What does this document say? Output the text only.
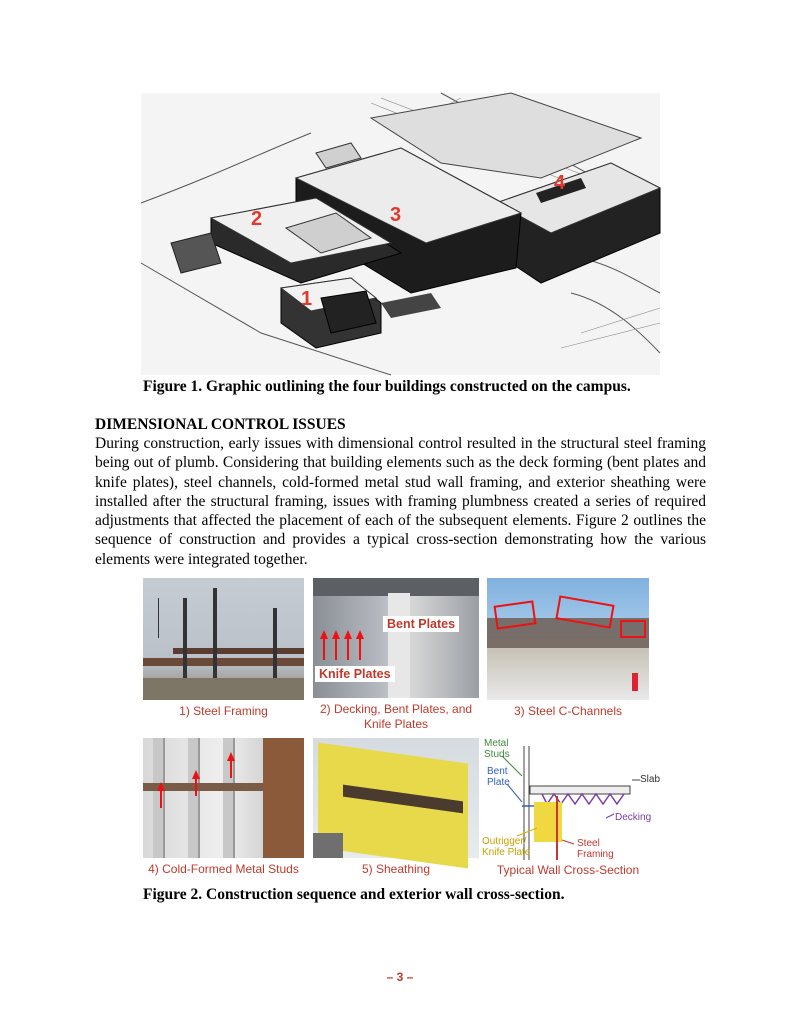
1
2	3
4
Figure 1. Graphic outlining the four buildings constructed on the campus.
DIMENSIONAL CONTROL ISSUES
During construction, early issues with dimensional control resulted in the structural steel framing being out of plumb. Considering that building elements such as the deck forming (bent plates and knife plates), steel channels, cold-formed metal stud wall framing, and exterior sheathing were installed after the structural framing, issues with framing plumbness created a series of required adjustments that affected the placement of each of the subsequent elements. Figure 2 outlines the sequence of construction and provides a typical cross-section demonstrating how the various elements were integrated together.
1) Steel Framing
Bent Plates
Knife Plates
2) Decking, Bent Plates, and Knife Plates
3) Steel C-Channels
4) Cold-Formed Metal Studs	5) Sheathing
Metal Studs
Bent Plate	Slab
Decking
Outrigger/ Knife Plate
Steel Framing
Typical Wall Cross-Section
Figure 2. Construction sequence and exterior wall cross-section.
– 3 –
